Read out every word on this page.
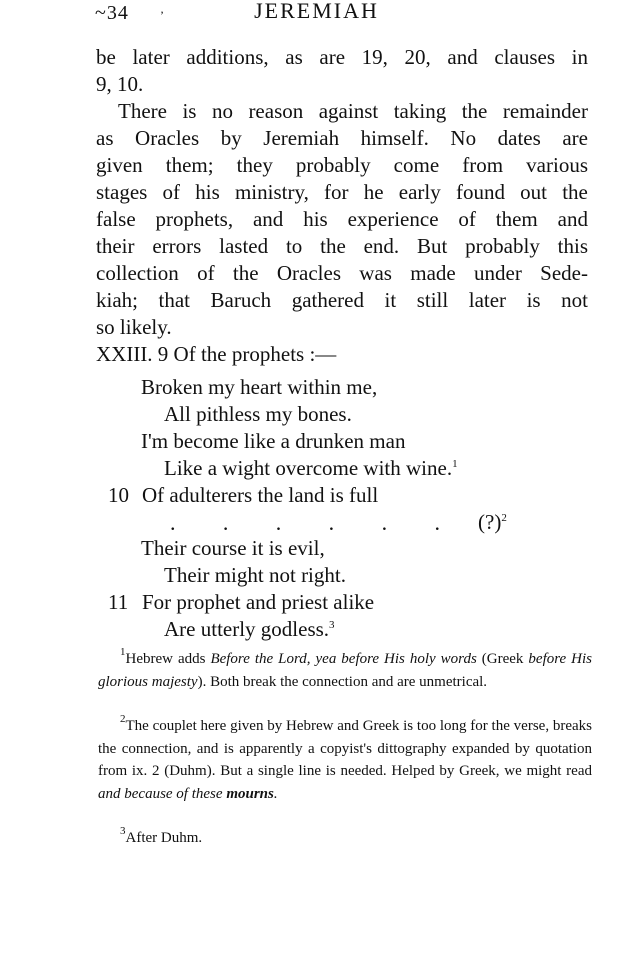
~34	’	JEREMIAH
be later additions, as are 19, 20, and clauses in
9, 10.
There is no reason against taking the remainder
as Oracles by Jeremiah himself. No dates are
given them; they probably come from various
stages of his ministry, for he early found out the
false prophets, and his experience of them and
their errors lasted to the end. But probably this
collection of the Oracles was made under Sede-
kiah; that Baruch gathered it still later is not
so likely.
XXIII. 9 Of the prophets :—
Broken my heart within me,
All pithless my bones.
I'm become like a drunken man
Like a wight overcome with wine.$^1$
10 Of adulterers the land is full
. . . . . . (?)$^2$
Their course it is evil,
Their might not right.
11 For prophet and priest alike
Are utterly godless.$^3$
$^1$Hebrew adds Before the Lord, yea before His holy words (Greek before His glorious majesty). Both break the connection and are unmetrical.
$^2$The couplet here given by Hebrew and Greek is too long for the verse, breaks the connection, and is apparently a copyist's dittography expanded by quotation from ix. 2 (Duhm). But a single line is needed. Helped by Greek, we might read and because of these mourns.
$^3$After Duhm.
